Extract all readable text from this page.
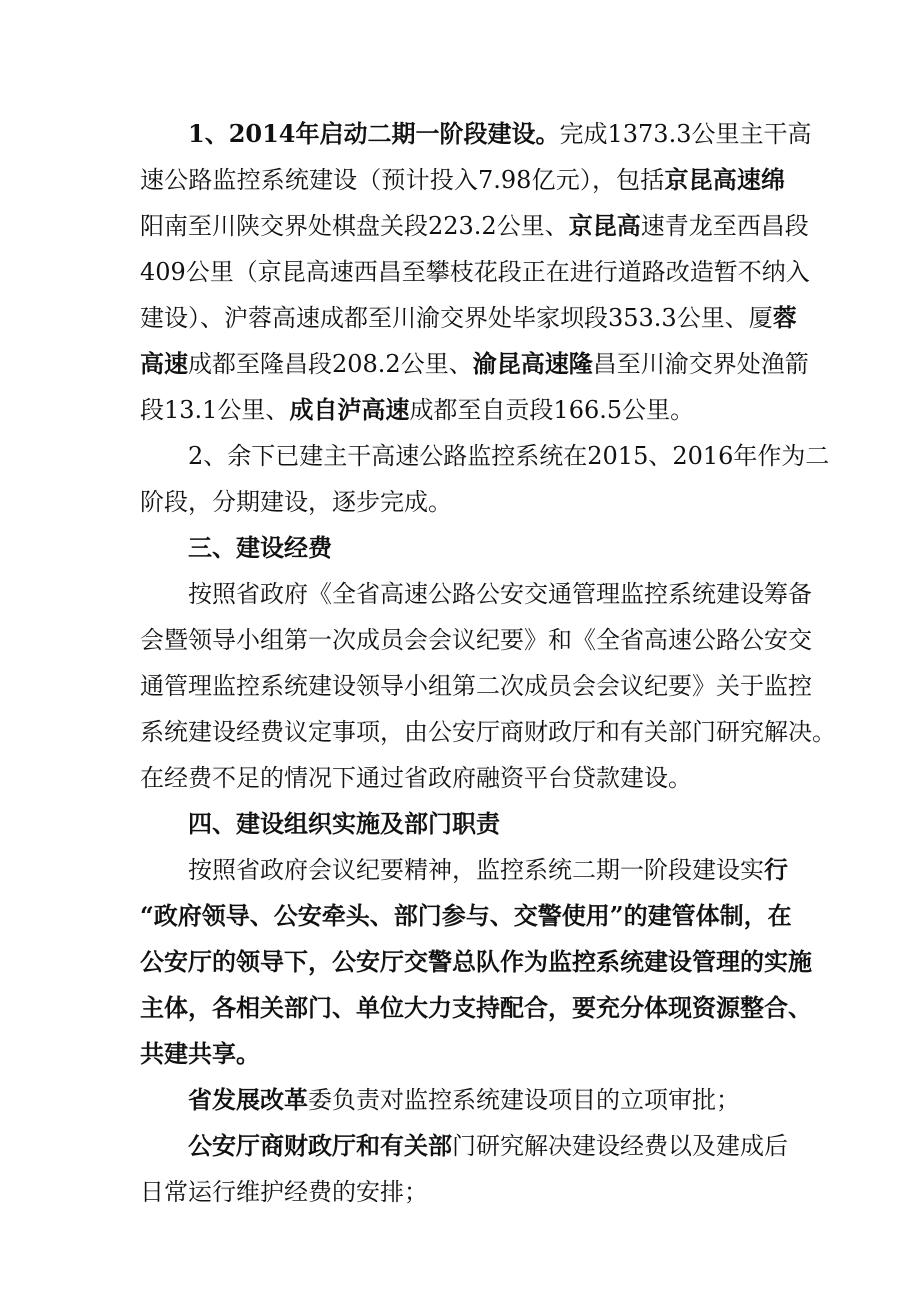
1、2014年启动二期一阶段建设。完成1373.3公里主干高
速公路监控系统建设（预计投入7.98亿元），包括京昆高速绵
阳南至川陕交界处棋盘关段223.2公里、京昆高速青龙至西昌段
409公里（京昆高速西昌至攀枝花段正在进行道路改造暂不纳入
建设）、沪蓉高速成都至川渝交界处毕家坝段353.3公里、厦蓉
高速成都至隆昌段208.2公里、渝昆高速隆昌至川渝交界处渔箭
段13.1公里、成自泸高速成都至自贡段166.5公里。
2、余下已建主干高速公路监控系统在2015、2016年作为二
阶段，分期建设，逐步完成。
三、建设经费
按照省政府《全省高速公路公安交通管理监控系统建设筹备
会暨领导小组第一次成员会会议纪要》和《全省高速公路公安交
通管理监控系统建设领导小组第二次成员会会议纪要》关于监控
系统建设经费议定事项，由公安厅商财政厅和有关部门研究解决。
在经费不足的情况下通过省政府融资平台贷款建设。
四、建设组织实施及部门职责
按照省政府会议纪要精神，监控系统二期一阶段建设实行
“政府领导、公安牵头、部门参与、交警使用”的建管体制，在
公安厅的领导下，公安厅交警总队作为监控系统建设管理的实施
主体，各相关部门、单位大力支持配合，要充分体现资源整合、
共建共享。
省发展改革委负责对监控系统建设项目的立项审批；
公安厅商财政厅和有关部门研究解决建设经费以及建成后
日常运行维护经费的安排；
